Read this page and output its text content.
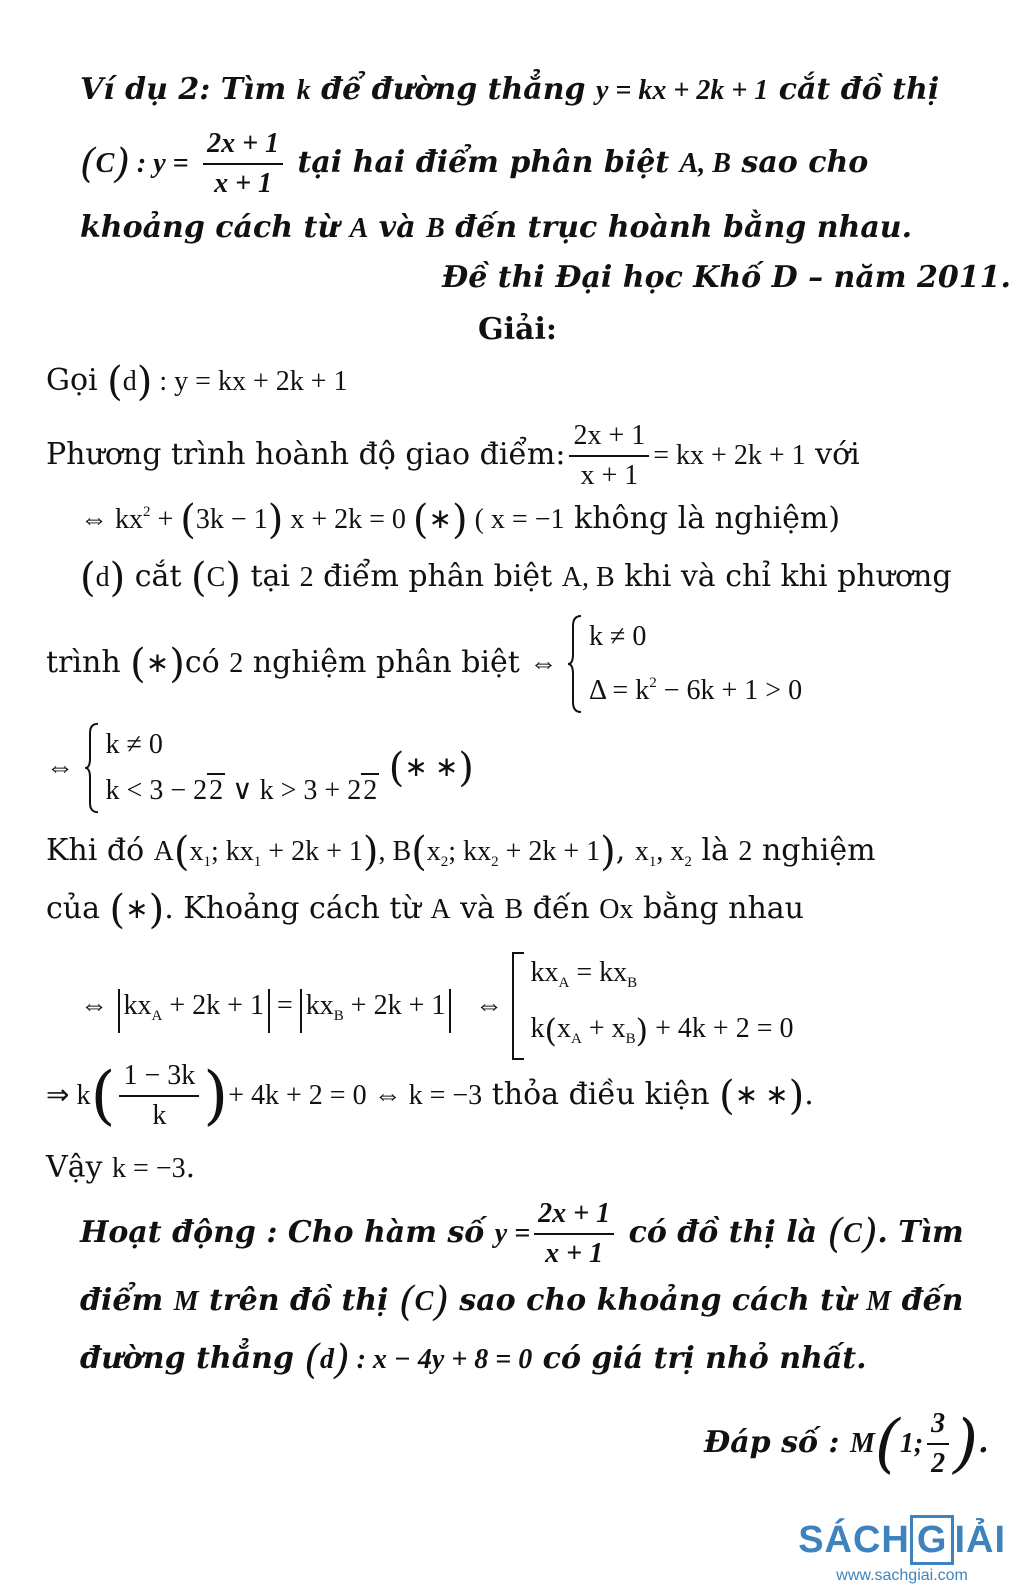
Ví dụ 2: Tìm k để đường thẳng y = kx + 2k + 1 cắt đồ thị
(C) : $y = \frac{2x + 1}{x + 1}$ tại hai điểm phân biệt A, B sao cho
khoảng cách từ A và B đến trục hoành bằng nhau.
Đề thi Đại học Khố D – năm 2011.
Giải:
Gọi (d) : y = kx + 2k + 1
Phương trình hoành độ giao điểm: $\frac{2x + 1}{x + 1}$ = kx + 2k + 1 với
⇔ $kx^2 + (3k - 1) x + 2k = 0$ (∗) ( x = −1 không là nghiệm)
(d) cắt (C) tại 2 điểm phân biệt A, B khi và chỉ khi phương
trình (∗)có 2 nghiệm phân biệt ⇔
k ≠ 0
$\Delta = k^2 - 6k + 1 > 0$
⇔
k ≠ 0
k < 3 − 22 ∨ k > 3 + 22 (∗ ∗)
Khi đó $A(x_1$; $kx_1 + 2k + 1$), $B(x_2$; $kx_2 + 2k + 1$), $x_1$, $x_2$ là 2 nghiệm
của (∗). Khoảng cách từ A và B đến Ox bằng nhau
⇔ $kx_A + 2k + 1 = kx_B + 2k + 1$ ⇔
$kx_A = kx_B$
$k(x_A + x_B) + 4k + 2 = 0$
⇒ $k( \frac{1 - 3k}{k}$ )+ 4k + 2 = 0 ⇔ k = −3 thỏa điều kiện (∗ ∗).
Vậy k = −3.
Hoạt động : Cho hàm số $y = \frac{2x + 1}{x + 1}$ có đồ thị là (C). Tìm
điểm M trên đồ thị (C) sao cho khoảng cách từ M đến
đường thẳng (d) : x − 4y + 8 = 0 có giá trị nhỏ nhất.
Đáp số : M(1; $\frac{3}{2}$ ).
SÁCH G IẢI
www.sachgiai.com
